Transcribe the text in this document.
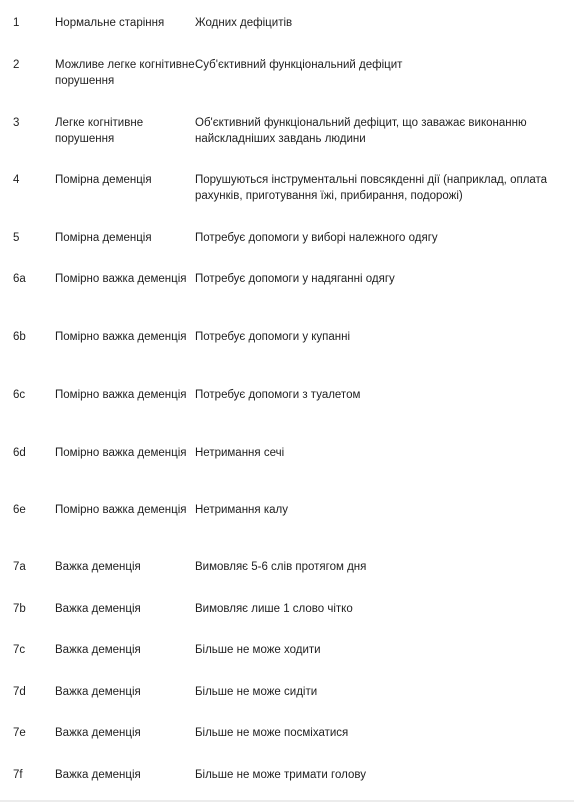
1	Нормальне старіння	Жодних дефіцитів
2	Можливе легке когнітивне порушення	Суб'єктивний функціональний дефіцит
3	Легке когнітивне порушення	Об'єктивний функціональний дефіцит, що заважає виконанню найскладніших завдань людини
4	Помірна деменція	Порушуються інструментальні повсякденні дії (наприклад, оплата рахунків, приготування їжі, прибирання, подорожі)
5	Помірна деменція	Потребує допомоги у виборі належного одягу
6a	Помірно важка деменція	Потребує допомоги у надяганні одягу
6b	Помірно важка деменція	Потребує допомоги у купанні
6c	Помірно важка деменція	Потребує допомоги з туалетом
6d	Помірно важка деменція	Нетримання сечі
6e	Помірно важка деменція	Нетримання калу
7a	Важка деменція	Вимовляє 5-6 слів протягом дня
7b	Важка деменція	Вимовляє лише 1 слово чітко
7c	Важка деменція	Більше не може ходити
7d	Важка деменція	Більше не може сидіти
7e	Важка деменція	Більше не може посміхатися
7f	Важка деменція	Більше не може тримати голову
